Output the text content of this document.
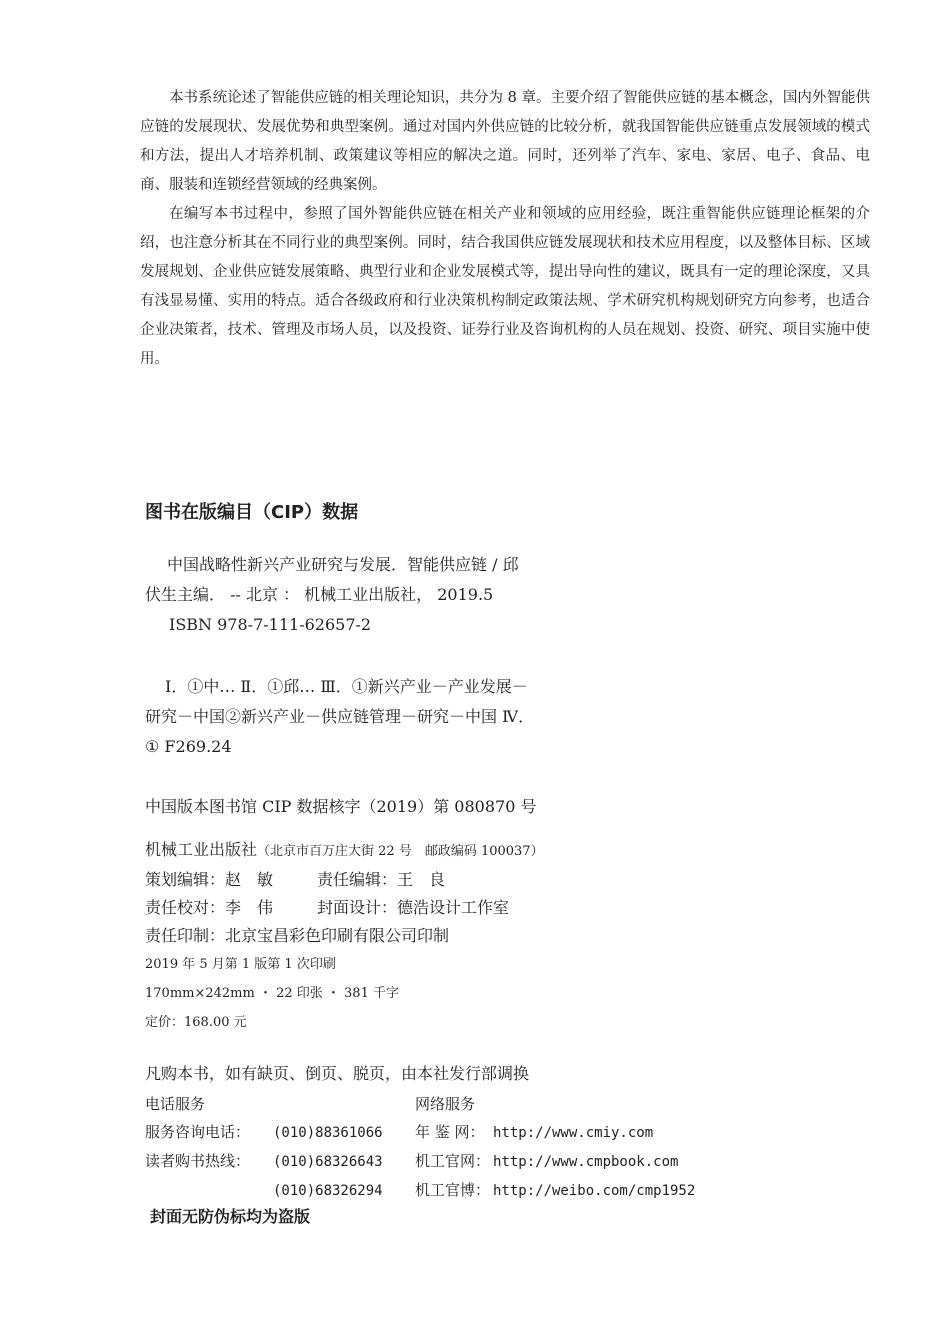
本书系统论述了智能供应链的相关理论知识，共分为 8 章。主要介绍了智能供应链的基本概念，国内外智能供应链的发展现状、发展优势和典型案例。通过对国内外供应链的比较分析，就我国智能供应链重点发展领域的模式和方法，提出人才培养机制、政策建议等相应的解决之道。同时，还列举了汽车、家电、家居、电子、食品、电商、服装和连锁经营领域的经典案例。

在编写本书过程中，参照了国外智能供应链在相关产业和领域的应用经验，既注重智能供应链理论框架的介绍，也注意分析其在不同行业的典型案例。同时，结合我国供应链发展现状和技术应用程度，以及整体目标、区域发展规划、企业供应链发展策略、典型行业和企业发展模式等，提出导向性的建议，既具有一定的理论深度，又具有浅显易懂、实用的特点。适合各级政府和行业决策机构制定政策法规、学术研究机构规划研究方向参考，也适合企业决策者，技术、管理及市场人员，以及投资、证券行业及咨询机构的人员在规划、投资、研究、项目实施中使用。

图书在版编目（CIP）数据
中国战略性新兴产业研究与发展．智能供应链 / 邱
伏生主编． -- 北京 ： 机械工业出版社， 2019.5
ISBN 978-7-111-62657-2
Ⅰ．①中… Ⅱ．①邱… Ⅲ．①新兴产业－产业发展－
研究－中国②新兴产业－供应链管理－研究－中国 Ⅳ．
① F269.24
中国版本图书馆 CIP 数据核字（2019）第 080870 号
机械工业出版社（北京市百万庄大街 22 号　邮政编码 100037）
策划编辑：赵　敏	责任编辑：王　良
责任校对：李　伟	封面设计：德浩设计工作室
责任印制：北京宝昌彩色印刷有限公司印制
2019 年 5 月第 1 版第 1 次印刷
170mm×242mm ・ 22 印张 ・ 381 千字
定价：168.00 元
凡购本书，如有缺页、倒页、脱页，由本社发行部调换
电话服务
服务咨询电话： (010)88361066
读者购书热线： (010)68326643
(010)68326294
网络服务
年 鉴 网： http://www.cmiy.com
机工官网： http://www.cmpbook.com
机工官博： http://weibo.com/cmp1952
封面无防伪标均为盗版
